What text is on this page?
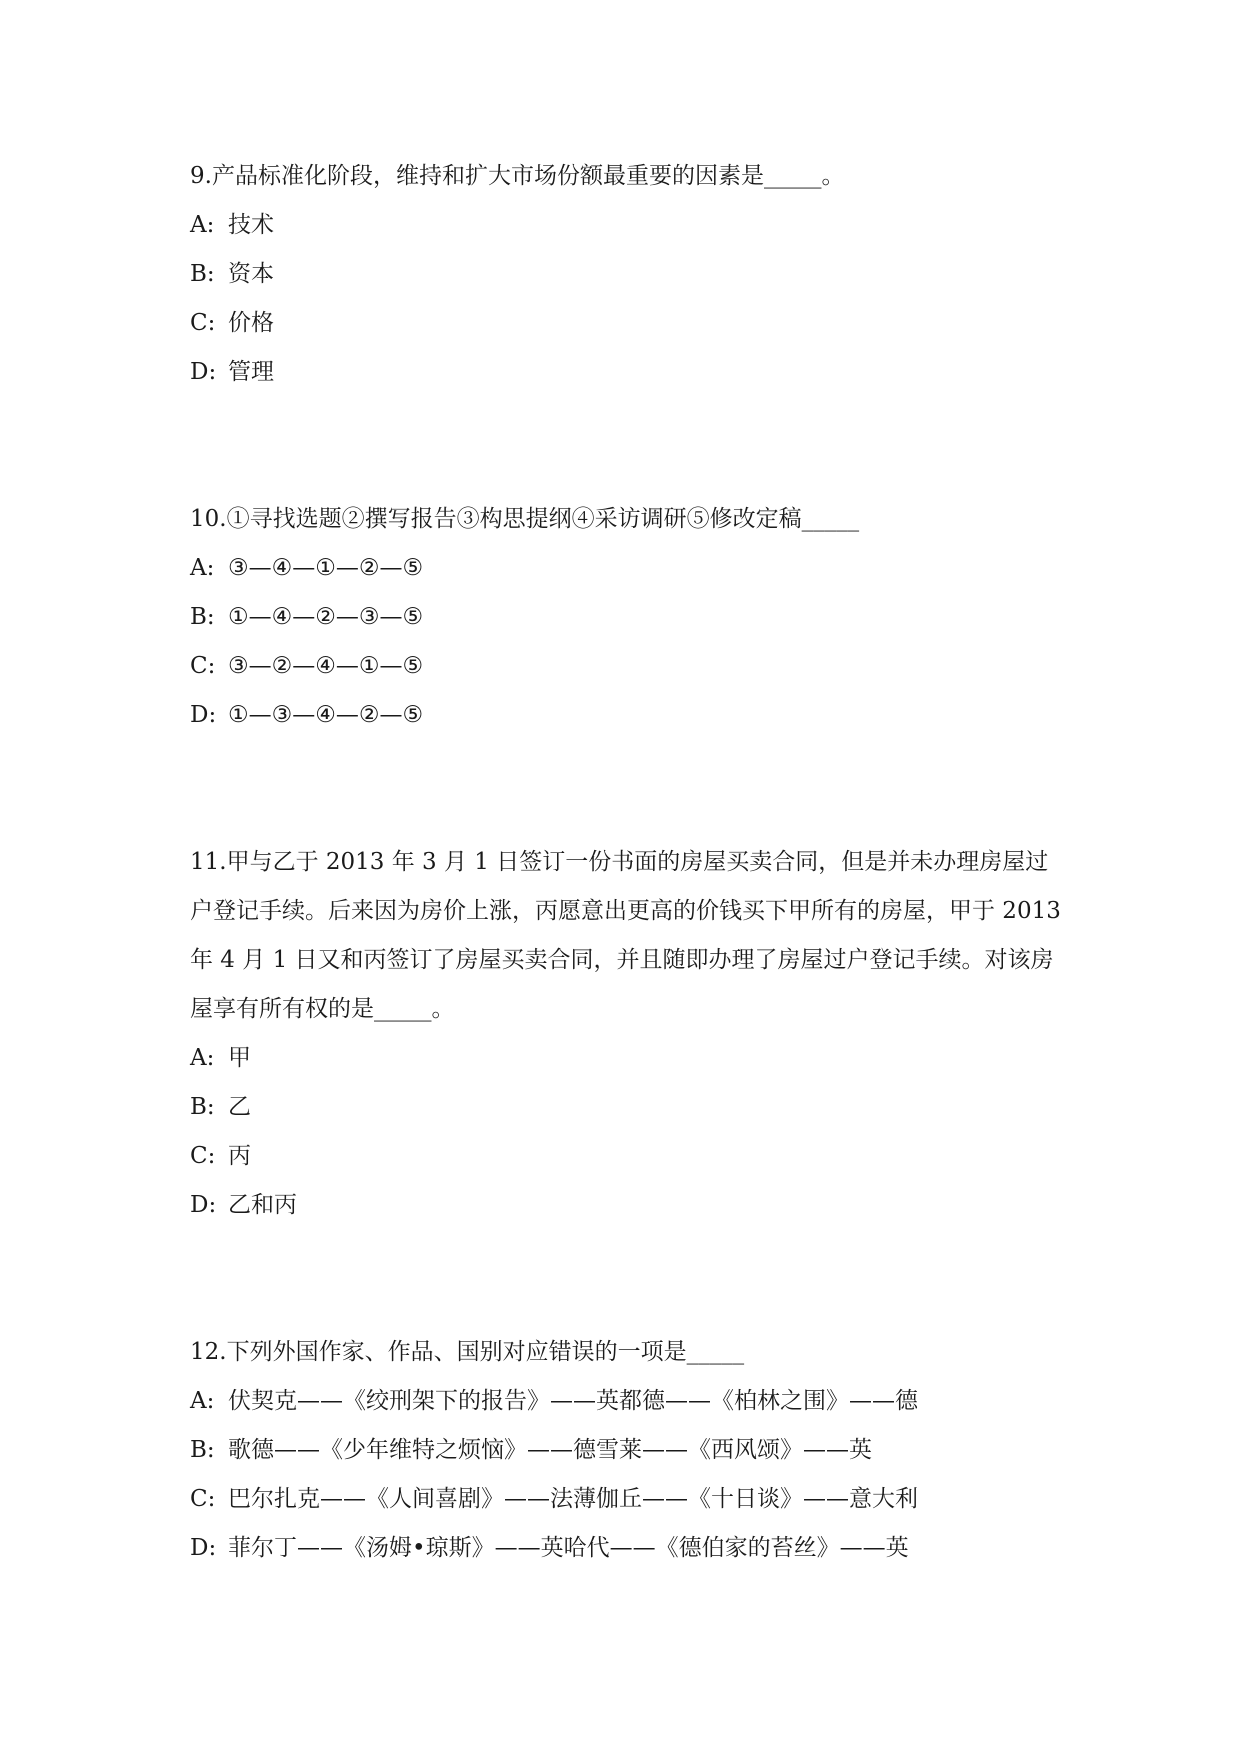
9.产品标准化阶段，维持和扩大市场份额最重要的因素是_____。

A: 技术
B: 资本
C: 价格
D: 管理

10.①寻找选题②撰写报告③构思提纲④采访调研⑤修改定稿_____

A: ③—④—①—②—⑤
B: ①—④—②—③—⑤
C: ③—②—④—①—⑤
D: ①—③—④—②—⑤

11.甲与乙于 2013 年 3 月 1 日签订一份书面的房屋买卖合同，但是并未办理房屋过户登记手续。后来因为房价上涨，丙愿意出更高的价钱买下甲所有的房屋，甲于 2013 年 4 月 1 日又和丙签订了房屋买卖合同，并且随即办理了房屋过户登记手续。对该房屋享有所有权的是_____。

A: 甲
B: 乙
C: 丙
D: 乙和丙

12.下列外国作家、作品、国别对应错误的一项是_____

A: 伏契克——《绞刑架下的报告》——英都德——《柏林之围》——德
B: 歌德——《少年维特之烦恼》——德雪莱——《西风颂》——英
C: 巴尔扎克——《人间喜剧》——法薄伽丘——《十日谈》——意大利
D: 菲尔丁——《汤姆•琼斯》——英哈代——《德伯家的苔丝》——英
